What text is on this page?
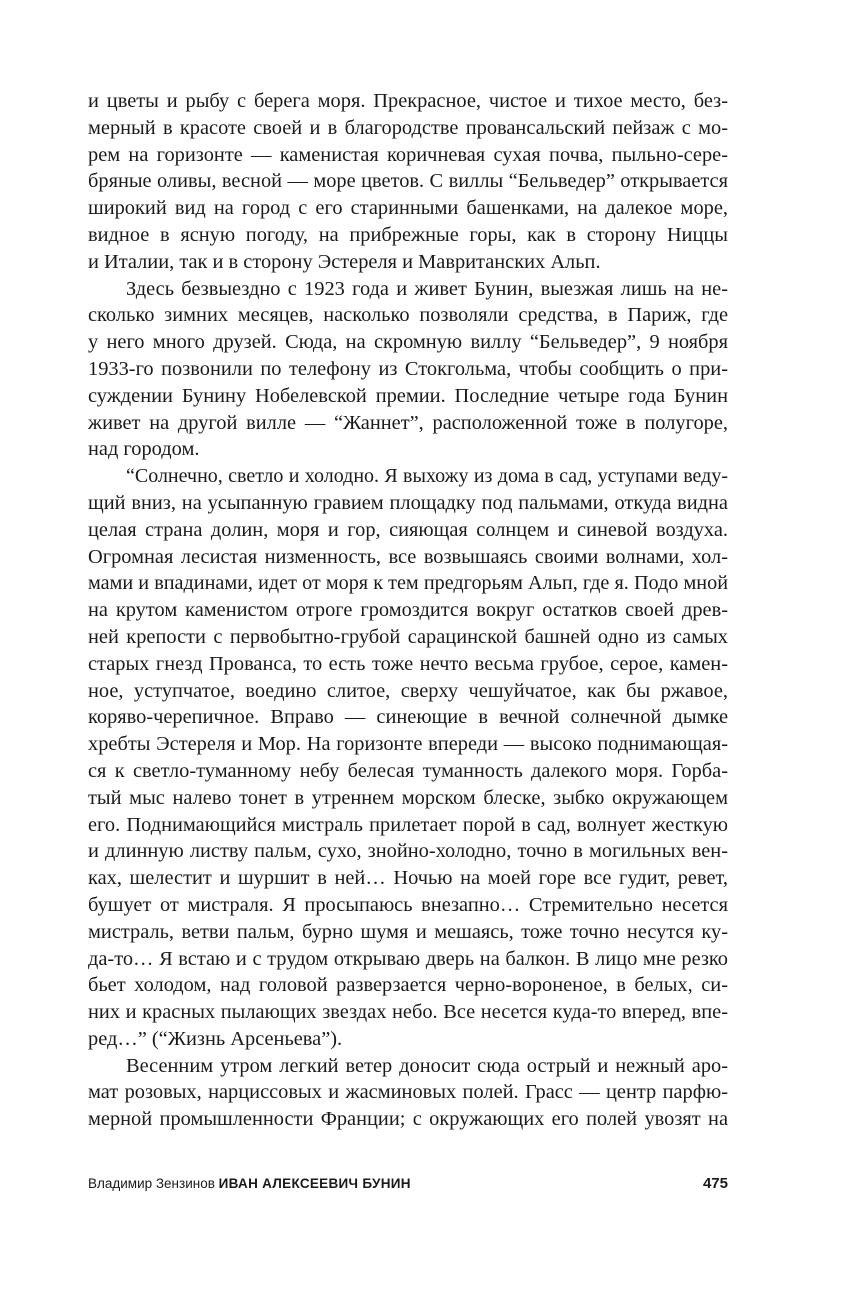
и цветы и рыбу с берега моря. Прекрасное, чистое и тихое место, без-
мерный в красоте своей и в благородстве провансальский пейзаж с мо-
рем на горизонте — каменистая коричневая сухая почва, пыльно-сере-
бряные оливы, весной — море цветов. С виллы “Бельведер” открывается
широкий вид на город с его старинными башенками, на далекое море,
видное в ясную погоду, на прибрежные горы, как в сторону Ниццы
и Италии, так и в сторону Эстереля и Мавританских Альп.
Здесь безвыездно с 1923 года и живет Бунин, выезжая лишь на не-
сколько зимних месяцев, насколько позволяли средства, в Париж, где
у него много друзей. Сюда, на скромную виллу “Бельведер”, 9 ноября
1933-го позвонили по телефону из Стокгольма, чтобы сообщить о при-
суждении Бунину Нобелевской премии. Последние четыре года Бунин
живет на другой вилле — “Жаннет”, расположенной тоже в полугоре,
над городом.
“Солнечно, светло и холодно. Я выхожу из дома в сад, уступами веду-
щий вниз, на усыпанную гравием площадку под пальмами, откуда видна
целая страна долин, моря и гор, сияющая солнцем и синевой воздуха.
Огромная лесистая низменность, все возвышаясь своими волнами, хол-
мами и впадинами, идет от моря к тем предгорьям Альп, где я. Подо мной
на крутом каменистом отроге громоздится вокруг остатков своей древ-
ней крепости с первобытно-грубой сарацинской башней одно из самых
старых гнезд Прованса, то есть тоже нечто весьма грубое, серое, камен-
ное, уступчатое, воедино слитое, сверху чешуйчатое, как бы ржавое,
коряво-черепичное. Вправо — синеющие в вечной солнечной дымке
хребты Эстереля и Мор. На горизонте впереди — высоко поднимающая-
ся к светло-туманному небу белесая туманность далекого моря. Горба-
тый мыс налево тонет в утреннем морском блеске, зыбко окружающем
его. Поднимающийся мистраль прилетает порой в сад, волнует жесткую
и длинную листву пальм, сухо, знойно-холодно, точно в могильных вен-
ках, шелестит и шуршит в ней… Ночью на моей горе все гудит, ревет,
бушует от мистраля. Я просыпаюсь внезапно… Стремительно несется
мистраль, ветви пальм, бурно шумя и мешаясь, тоже точно несутся ку-
да-то… Я встаю и с трудом открываю дверь на балкон. В лицо мне резко
бьет холодом, над головой разверзается черно-вороненое, в белых, си-
них и красных пылающих звездах небо. Все несется куда-то вперед, впе-
ред…” (“Жизнь Арсеньева”).
Весенним утром легкий ветер доносит сюда острый и нежный аро-
мат розовых, нарциссовых и жасминовых полей. Грасс — центр парфю-
мерной промышленности Франции; с окружающих его полей увозят на
Владимир Зензинов ИВАН АЛЕКСЕЕВИЧ БУНИН	475
